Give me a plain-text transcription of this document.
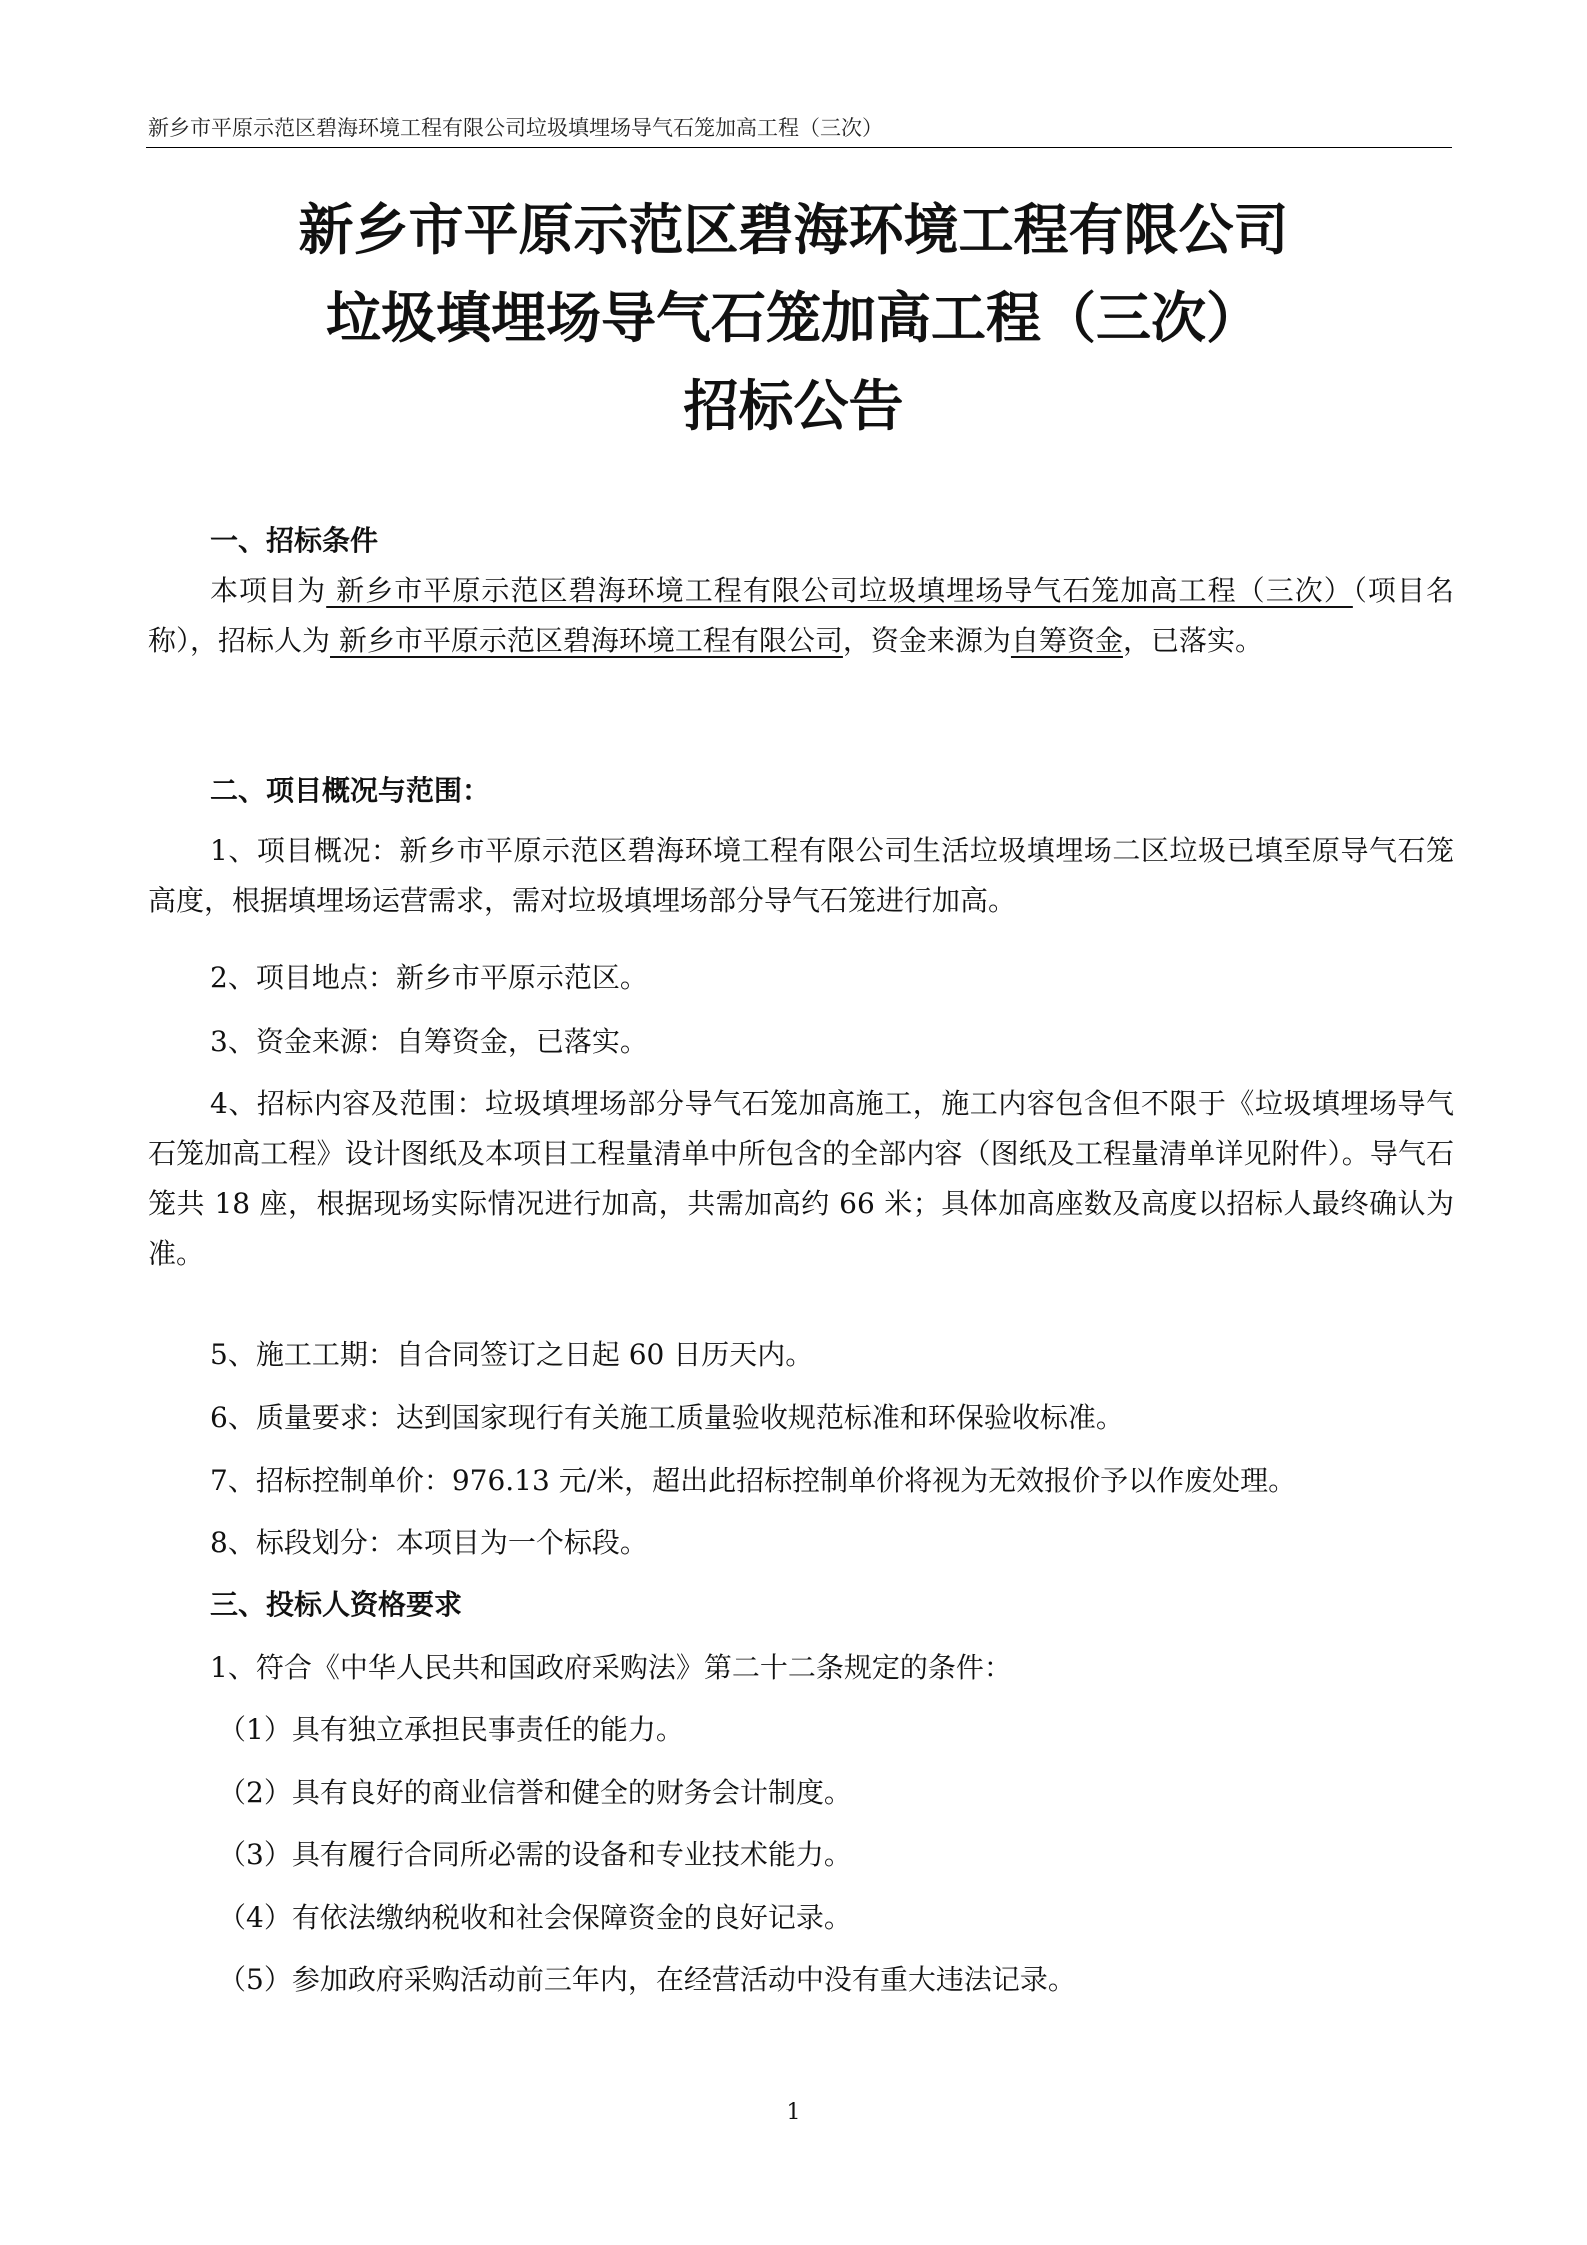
新乡市平原示范区碧海环境工程有限公司垃圾填埋场导气石笼加高工程（三次）
新乡市平原示范区碧海环境工程有限公司
垃圾填埋场导气石笼加高工程（三次）
招标公告
一、招标条件
本项目为 新乡市平原示范区碧海环境工程有限公司垃圾填埋场导气石笼加高工程（三次）（项目名称），招标人为 新乡市平原示范区碧海环境工程有限公司，资金来源为自筹资金，已落实。
二、项目概况与范围：
1、项目概况：新乡市平原示范区碧海环境工程有限公司生活垃圾填埋场二区垃圾已填至原导气石笼高度，根据填埋场运营需求，需对垃圾填埋场部分导气石笼进行加高。
2、项目地点：新乡市平原示范区。
3、资金来源：自筹资金，已落实。
4、招标内容及范围：垃圾填埋场部分导气石笼加高施工，施工内容包含但不限于《垃圾填埋场导气石笼加高工程》设计图纸及本项目工程量清单中所包含的全部内容（图纸及工程量清单详见附件）。导气石笼共 18 座，根据现场实际情况进行加高，共需加高约 66 米；具体加高座数及高度以招标人最终确认为准。
5、施工工期：自合同签订之日起 60 日历天内。
6、质量要求：达到国家现行有关施工质量验收规范标准和环保验收标准。
7、招标控制单价：976.13 元/米，超出此招标控制单价将视为无效报价予以作废处理。
8、标段划分：本项目为一个标段。
三、投标人资格要求
1、符合《中华人民共和国政府采购法》第二十二条规定的条件：
（1）具有独立承担民事责任的能力。
（2）具有良好的商业信誉和健全的财务会计制度。
（3）具有履行合同所必需的设备和专业技术能力。
（4）有依法缴纳税收和社会保障资金的良好记录。
（5）参加政府采购活动前三年内，在经营活动中没有重大违法记录。
1
